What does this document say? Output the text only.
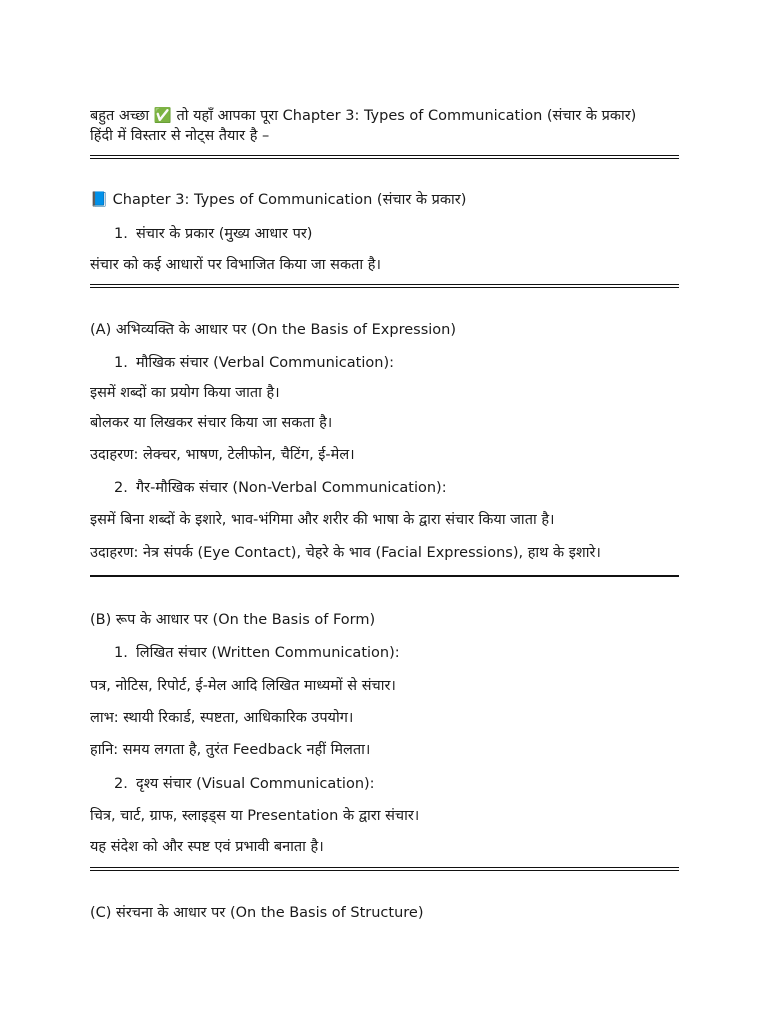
बहुत अच्छा ✅ तो यहाँ आपका पूरा Chapter 3: Types of Communication (संचार के प्रकार)
हिंदी में विस्तार से नोट्स तैयार है –
📘 Chapter 3: Types of Communication (संचार के प्रकार)
1. संचार के प्रकार (मुख्य आधार पर)
संचार को कई आधारों पर विभाजित किया जा सकता है।
(A) अभिव्यक्ति के आधार पर (On the Basis of Expression)
1. मौखिक संचार (Verbal Communication):
इसमें शब्दों का प्रयोग किया जाता है।
बोलकर या लिखकर संचार किया जा सकता है।
उदाहरण: लेक्चर, भाषण, टेलीफोन, चैटिंग, ई-मेल।
2. गैर-मौखिक संचार (Non-Verbal Communication):
इसमें बिना शब्दों के इशारे, भाव-भंगिमा और शरीर की भाषा के द्वारा संचार किया जाता है।
उदाहरण: नेत्र संपर्क (Eye Contact), चेहरे के भाव (Facial Expressions), हाथ के इशारे।
(B) रूप के आधार पर (On the Basis of Form)
1. लिखित संचार (Written Communication):
पत्र, नोटिस, रिपोर्ट, ई-मेल आदि लिखित माध्यमों से संचार।
लाभ: स्थायी रिकार्ड, स्पष्टता, आधिकारिक उपयोग।
हानि: समय लगता है, तुरंत Feedback नहीं मिलता।
2. दृश्य संचार (Visual Communication):
चित्र, चार्ट, ग्राफ, स्लाइड्स या Presentation के द्वारा संचार।
यह संदेश को और स्पष्ट एवं प्रभावी बनाता है।
(C) संरचना के आधार पर (On the Basis of Structure)
